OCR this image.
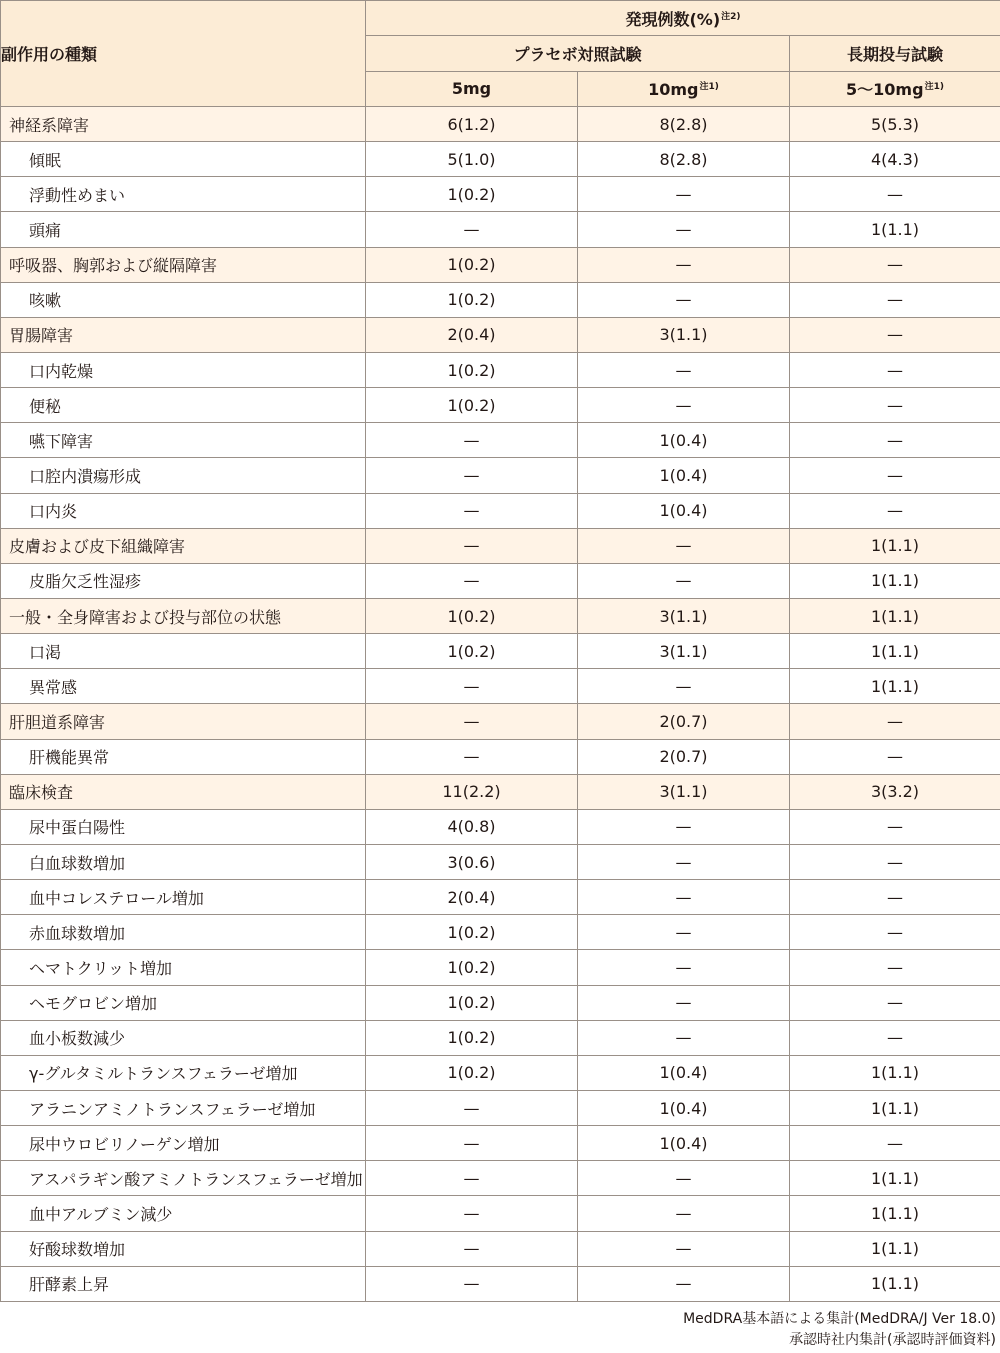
副作用の種類	発現例数(%)$^{注2)}$
	プラセボ対照試験		長期投与試験
	5mg	$10mg^{注1)}$	$5\sim 10mg^{注1)}$
神経系障害	6(1.2)	8(2.8)	5(5.3)
傾眠	5(1.0)	8(2.8)	4(4.3)
浮動性めまい	1(0.2)	—	—
頭痛	—	—	1(1.1)
呼吸器、胸郭および縦隔障害	1(0.2)	—	—
咳嗽	1(0.2)	—	—
胃腸障害	2(0.4)	3(1.1)	—
口内乾燥	1(0.2)	—	—
便秘	1(0.2)	—	—
嚥下障害	—	1(0.4)	—
口腔内潰瘍形成	—	1(0.4)	—
口内炎	—	1(0.4)	—
皮膚および皮下組織障害	—	—	1(1.1)
皮脂欠乏性湿疹	—	—	1(1.1)
一般・全身障害および投与部位の状態	1(0.2)	3(1.1)	1(1.1)
口渇	1(0.2)	3(1.1)	1(1.1)
異常感	—	—	1(1.1)
肝胆道系障害	—	2(0.7)	—
肝機能異常	—	2(0.7)	—
臨床検査	11(2.2)	3(1.1)	3(3.2)
尿中蛋白陽性	4(0.8)	—	—
白血球数増加	3(0.6)	—	—
血中コレステロール増加	2(0.4)	—	—
赤血球数増加	1(0.2)	—	—
ヘマトクリット増加	1(0.2)	—	—
ヘモグロビン増加	1(0.2)	—	—
血小板数減少	1(0.2)	—	—
γ-グルタミルトランスフェラーゼ増加	1(0.2)	1(0.4)	1(1.1)
アラニンアミノトランスフェラーゼ増加	—	1(0.4)	1(1.1)
尿中ウロビリノーゲン増加	—	1(0.4)	—
アスパラギン酸アミノトランスフェラーゼ増加	—	—	1(1.1)
血中アルブミン減少	—	—	1(1.1)
好酸球数増加	—	—	1(1.1)
肝酵素上昇	—	—	1(1.1)
MedDRA基本語による集計(MedDRA/J Ver 18.0)
承認時社内集計(承認時評価資料)
